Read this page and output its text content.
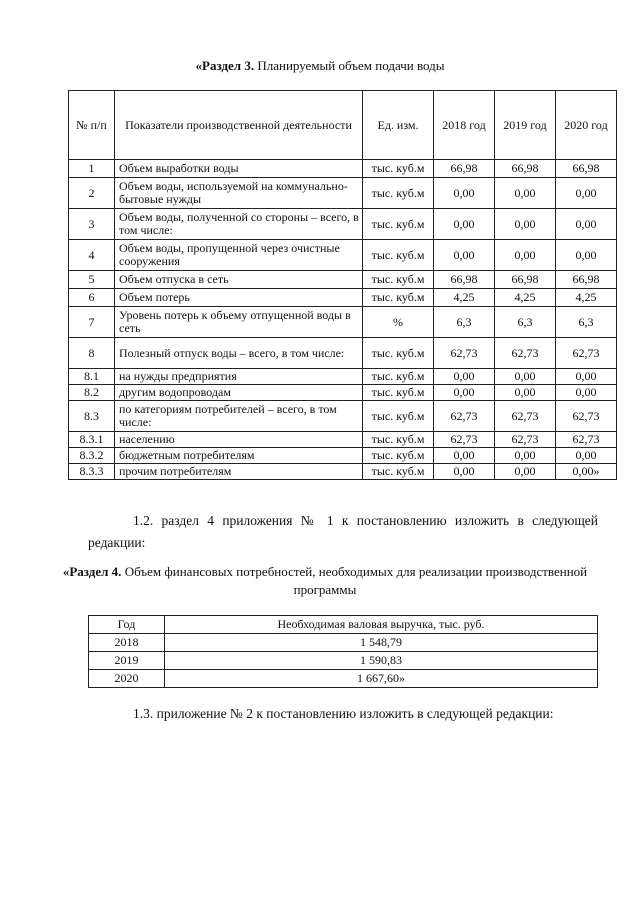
«Раздел 3. Планируемый объем подачи воды
№ п/п	Показатели производственной деятельности	Ед. изм.	2018 год	2019 год	2020 год
1	Объем выработки воды	тыс. куб.м	66,98	66,98	66,98
2	Объем воды, используемой на коммунально-бытовые нужды	тыс. куб.м	0,00	0,00	0,00
3	Объем воды, полученной со стороны – всего, в том числе:	тыс. куб.м	0,00	0,00	0,00
4	Объем воды, пропущенной через очистные сооружения	тыс. куб.м	0,00	0,00	0,00
5	Объем отпуска в сеть	тыс. куб.м	66,98	66,98	66,98
6	Объем потерь	тыс. куб.м	4,25	4,25	4,25
7	Уровень потерь к объему отпущенной воды в сеть	%	6,3	6,3	6,3
8	Полезный отпуск воды – всего, в том числе:	тыс. куб.м	62,73	62,73	62,73
8.1	на нужды предприятия	тыс. куб.м	0,00	0,00	0,00
8.2	другим водопроводам	тыс. куб.м	0,00	0,00	0,00
8.3	по категориям потребителей – всего, в том числе:	тыс. куб.м	62,73	62,73	62,73
8.3.1	населению	тыс. куб.м	62,73	62,73	62,73
8.3.2	бюджетным потребителям	тыс. куб.м	0,00	0,00	0,00
8.3.3	прочим потребителям	тыс. куб.м	0,00	0,00	0,00»
1.2. раздел 4 приложения № 1 к постановлению изложить в следующей редакции:
«Раздел 4. Объем финансовых потребностей, необходимых для реализации производственной программы
Год	Необходимая валовая выручка, тыс. руб.
2018	1 548,79
2019	1 590,83
2020	1 667,60»
1.3. приложение № 2 к постановлению изложить в следующей редакции:
